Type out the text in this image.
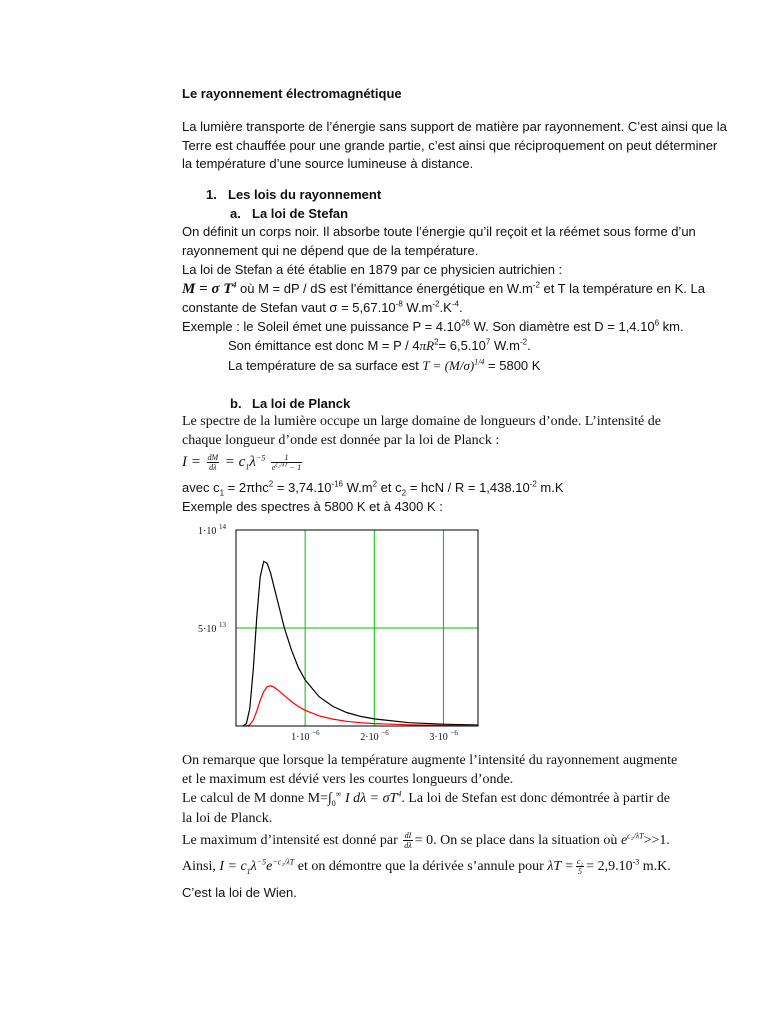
Le rayonnement électromagnétique
La lumière transporte de l’énergie sans support de matière par rayonnement. C’est ainsi que la
Terre est chauffée pour une grande partie, c’est ainsi que réciproquement on peut déterminer
la température d’une source lumineuse à distance.
1. Les lois du rayonnement
a. La loi de Stefan
On définit un corps noir. Il absorbe toute l’énergie qu’il reçoit et la réémet sous forme d’un
rayonnement qui ne dépend que de la température.
La loi de Stefan a été établie en 1879 par ce physicien autrichien :
M = σ $T^4$ où M = dP / dS est l’émittance énergétique en $W.m^{-2}$ et T la température en K. La
constante de Stefan vaut $\sigma = 5,67.10^{-8}$ $W.m^{-2}.K^{-4}$.
Exemple : le Soleil émet une puissance $P = 4.10^{26}$ W. Son diamètre est $D = 1,4.10^6$ km.
Son émittance est donc $M = P / 4\pi R^2= 6,5.10^7$ $W.m^{-2}$.
La température de sa surface est $T = (M/\sigma)^{1/4} = 5800$ K
b. La loi de Planck
Le spectre de la lumière occupe un large domaine de longueurs d’onde. L’intensité de
chaque longueur d’onde est donnée par la loi de Planck :
$I = \frac{dM}{d\lambda} = c_1\lambda^{-5} \frac{1}{e^{c_2/\lambda T} - 1}$
avec $c_1 = 2\pi hc^2 = 3,74.10^{-16}$ $W.m^2$ et $c_2$ = hcN / $R = 1,438.10^{-2}$ m.K
Exemple des spectres à 5800 K et à 4300 K :
1·10 −6	2·10 −6	3·10 −6
5·10 13
1·10 14
On remarque que lorsque la température augmente l’intensité du rayonnement augmente
et le maximum est dévié vers les courtes longueurs d’onde.
Le calcul de M donne $M=\int_0^\infty$ I $d\lambda = \sigma T^4$. La loi de Stefan est donc démontrée à partir de
la loi de Planck.
Le maximum d’intensité est donné par $\frac{dI}{d\lambda} = 0$. On se place dans la situation où $e^{c_2/\lambda T}>>1$.
Ainsi, $I = c_1\lambda^{-5}e^{-c_2/\lambda T}$ et on démontre que la dérivée s’annule pour $\lambda T = \frac{\text{c₂}}{5} = 2,9.10^{-3}$ m.K.
C’est la loi de Wien.
